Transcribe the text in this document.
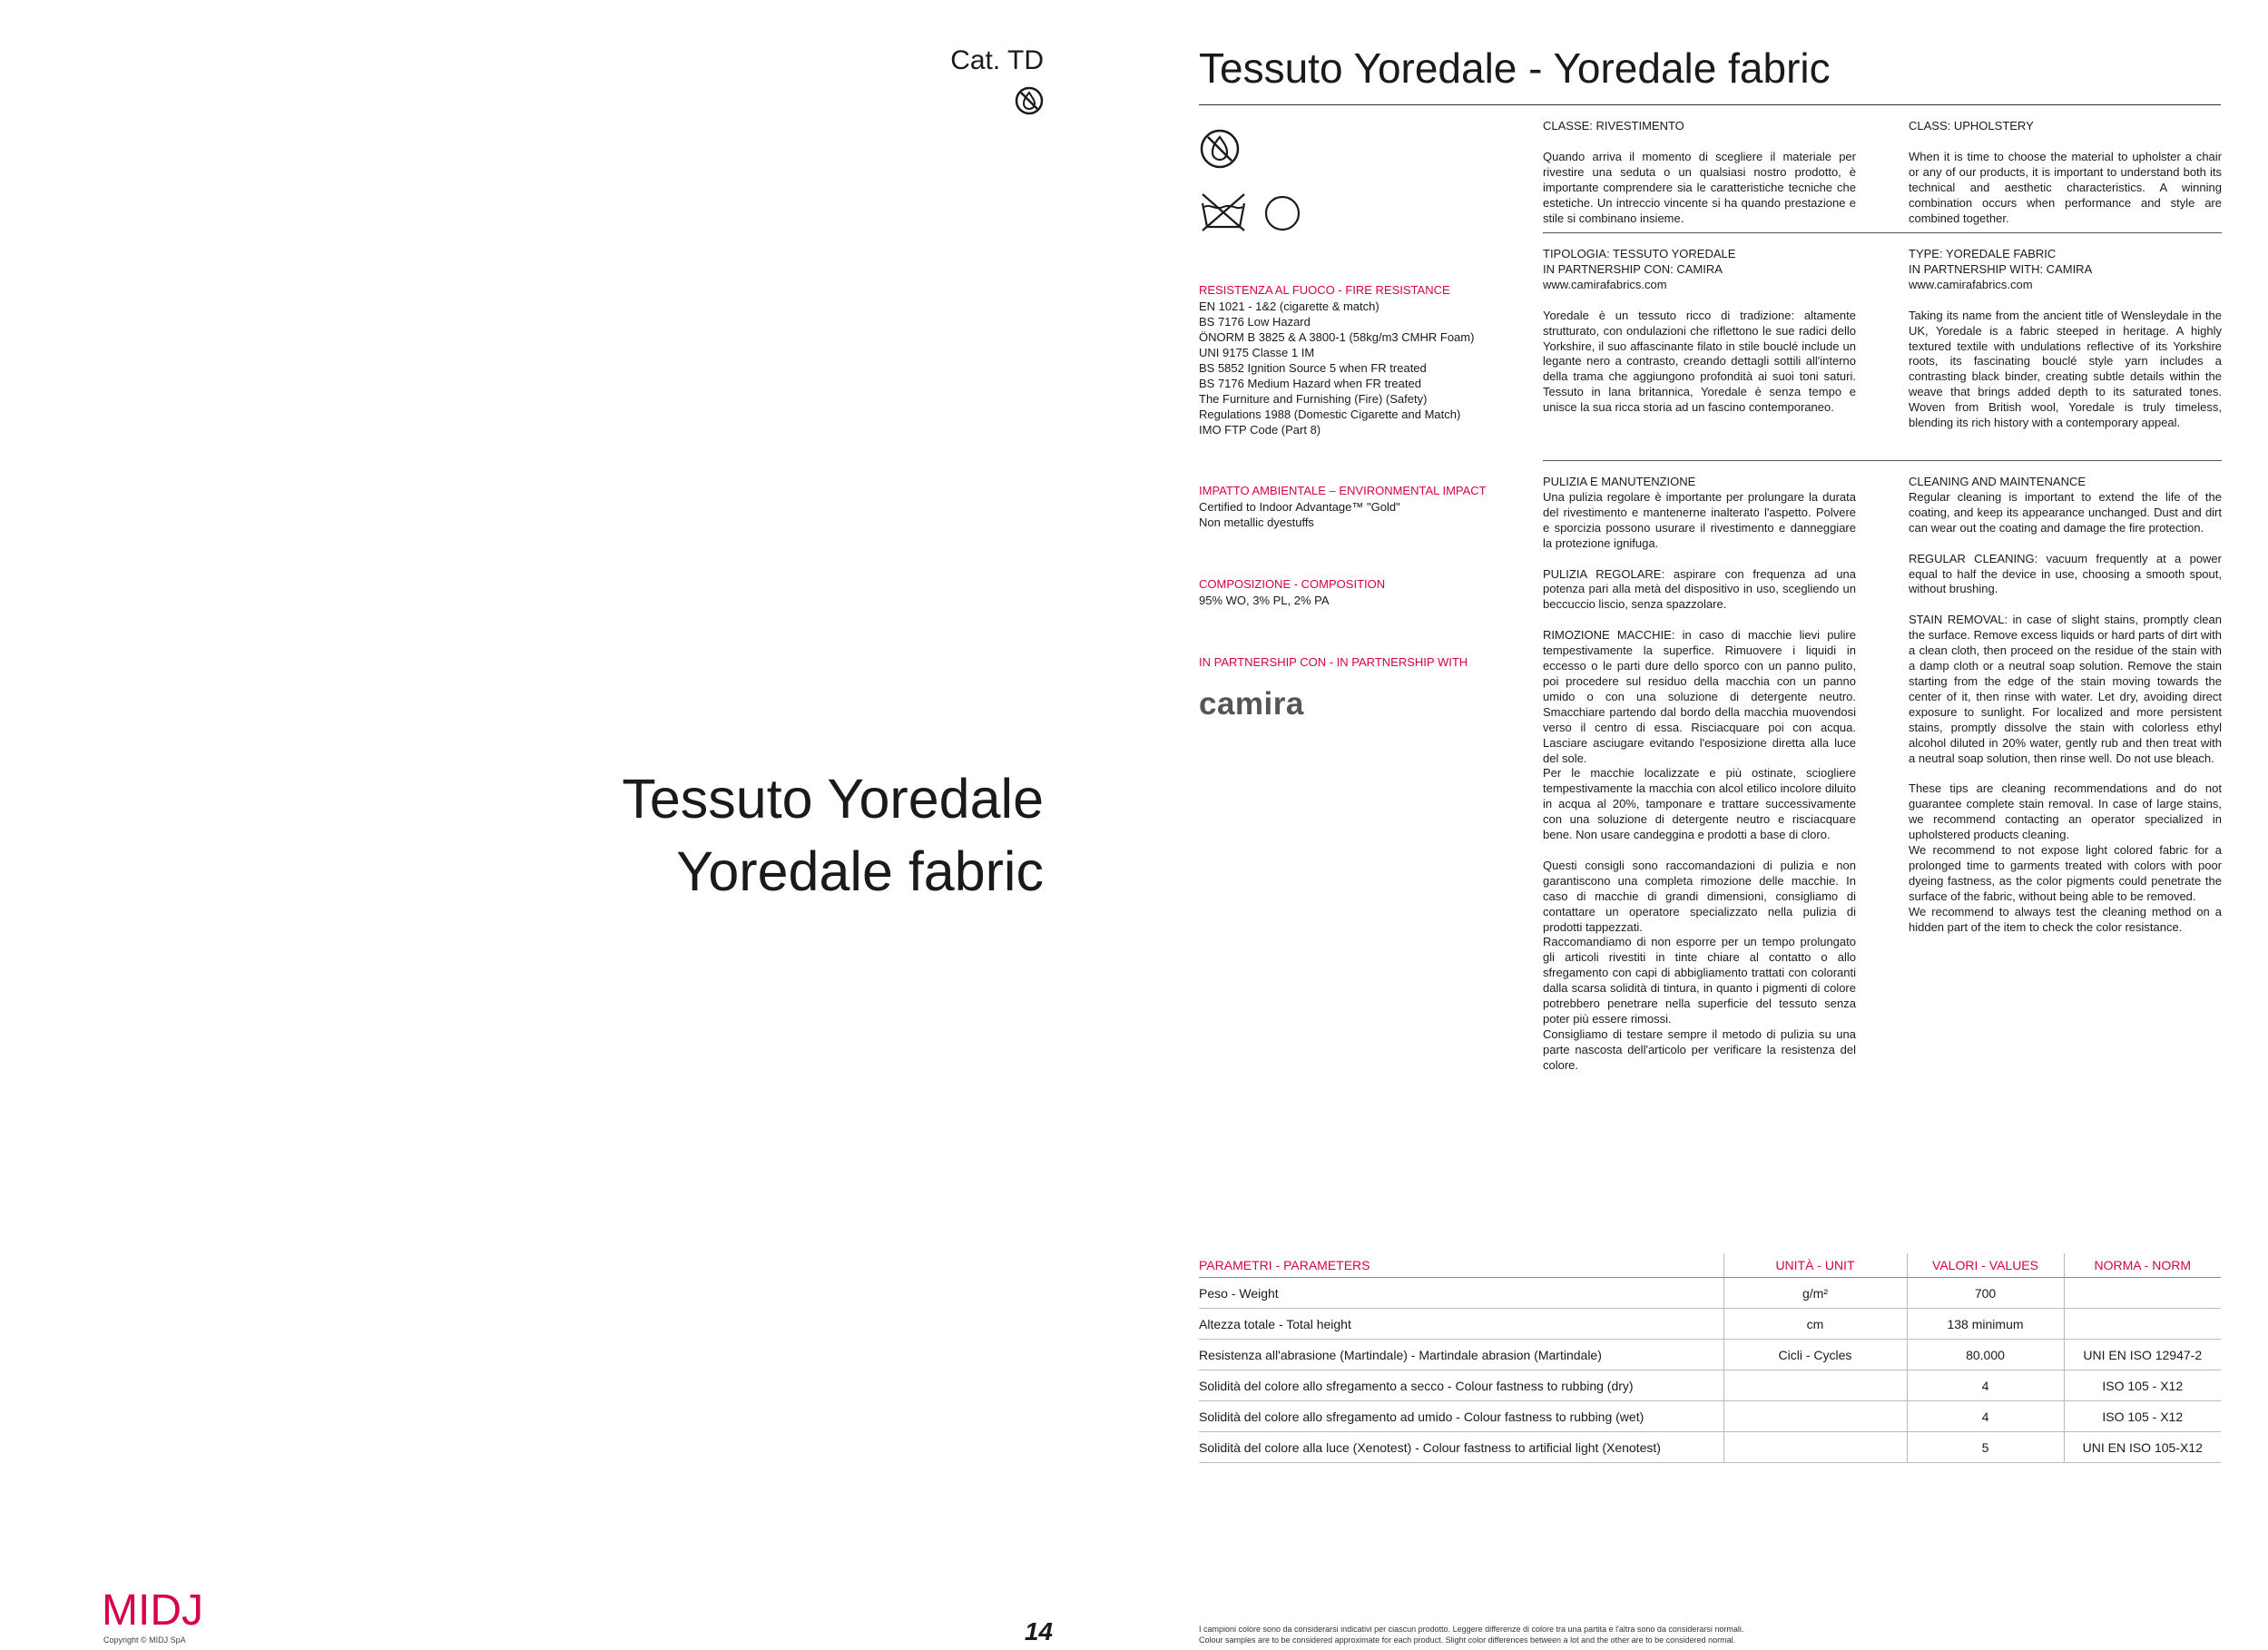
Cat. TD
Tessuto Yoredale
Yoredale fabric
MIDJ
Copyright © MIDJ SpA	14
Tessuto Yoredale - Yoredale fabric
RESISTENZA AL FUOCO - FIRE RESISTANCE
EN 1021 - 1&2 (cigarette & match)
BS 7176 Low Hazard
ÖNORM B 3825 & A 3800-1 (58kg/m3 CMHR Foam)
UNI 9175 Classe 1 IM
BS 5852 Ignition Source 5 when FR treated
BS 7176 Medium Hazard when FR treated
The Furniture and Furnishing (Fire) (Safety)
Regulations 1988 (Domestic Cigarette and Match)
IMO FTP Code (Part 8)
IMPATTO AMBIENTALE – ENVIRONMENTAL IMPACT
Certified to Indoor Advantage™ "Gold"
Non metallic dyestuffs
COMPOSIZIONE - COMPOSITION
95% WO, 3% PL, 2% PA
IN PARTNERSHIP CON - IN PARTNERSHIP WITH
camira

CLASSE: RIVESTIMENTO

Quando arriva il momento di scegliere il materiale per rivestire una seduta o un qualsiasi nostro prodotto, è importante comprendere sia le caratteristiche tecniche che estetiche. Un intreccio vincente si ha quando prestazione e stile si combinano insieme.

CLASS: UPHOLSTERY

When it is time to choose the material to upholster a chair or any of our products, it is important to understand both its technical and aesthetic characteristics. A winning combination occurs when performance and style are combined together.

TIPOLOGIA: TESSUTO YOREDALE

IN PARTNERSHIP CON: CAMIRA

www.camirafabrics.com

Yoredale è un tessuto ricco di tradizione: altamente strutturato, con ondulazioni che riflettono le sue radici dello Yorkshire, il suo affascinante filato in stile bouclé include un legante nero a contrasto, creando dettagli sottili all'interno della trama che aggiungono profondità ai suoi toni saturi. Tessuto in lana britannica, Yoredale è senza tempo e unisce la sua ricca storia ad un fascino contemporaneo.

TYPE: YOREDALE FABRIC

IN PARTNERSHIP WITH: CAMIRA

www.camirafabrics.com

Taking its name from the ancient title of Wensleydale in the UK, Yoredale is a fabric steeped in heritage. A highly textured textile with undulations reflective of its Yorkshire roots, its fascinating bouclé style yarn includes a contrasting black binder, creating subtle details within the weave that brings added depth to its saturated tones. Woven from British wool, Yoredale is truly timeless, blending its rich history with a contemporary appeal.

PULIZIA E MANUTENZIONE

Una pulizia regolare è importante per prolungare la durata del rivestimento e mantenerne inalterato l'aspetto. Polvere e sporcizia possono usurare il rivestimento e danneggiare la protezione ignifuga.

PULIZIA REGOLARE: aspirare con frequenza ad una potenza pari alla metà del dispositivo in uso, scegliendo un beccuccio liscio, senza spazzolare.

RIMOZIONE MACCHIE: in caso di macchie lievi pulire tempestivamente la superfice. Rimuovere i liquidi in eccesso o le parti dure dello sporco con un panno pulito, poi procedere sul residuo della macchia con un panno umido o con una soluzione di detergente neutro. Smacchiare partendo dal bordo della macchia muovendosi verso il centro di essa. Risciacquare poi con acqua. Lasciare asciugare evitando l'esposizione diretta alla luce del sole.

Per le macchie localizzate e più ostinate, sciogliere tempestivamente la macchia con alcol etilico incolore diluito in acqua al 20%, tamponare e trattare successivamente con una soluzione di detergente neutro e risciacquare bene. Non usare candeggina e prodotti a base di cloro.

Questi consigli sono raccomandazioni di pulizia e non garantiscono una completa rimozione delle macchie. In caso di macchie di grandi dimensioni, consigliamo di contattare un operatore specializzato nella pulizia di prodotti tappezzati.

Raccomandiamo di non esporre per un tempo prolungato gli articoli rivestiti in tinte chiare al contatto o allo sfregamento con capi di abbigliamento trattati con coloranti dalla scarsa solidità di tintura, in quanto i pigmenti di colore potrebbero penetrare nella superficie del tessuto senza poter più essere rimossi.

Consigliamo di testare sempre il metodo di pulizia su una parte nascosta dell'articolo per verificare la resistenza del colore.

CLEANING AND MAINTENANCE

Regular cleaning is important to extend the life of the coating, and keep its appearance unchanged. Dust and dirt can wear out the coating and damage the fire protection.

REGULAR CLEANING: vacuum frequently at a power equal to half the device in use, choosing a smooth spout, without brushing.

STAIN REMOVAL: in case of slight stains, promptly clean the surface. Remove excess liquids or hard parts of dirt with a clean cloth, then proceed on the residue of the stain with a damp cloth or a neutral soap solution. Remove the stain starting from the edge of the stain moving towards the center of it, then rinse with water. Let dry, avoiding direct exposure to sunlight. For localized and more persistent stains, promptly dissolve the stain with colorless ethyl alcohol diluted in 20% water, gently rub and then treat with a neutral soap solution, then rinse well. Do not use bleach.

These tips are cleaning recommendations and do not guarantee complete stain removal. In case of large stains, we recommend contacting an operator specialized in upholstered products cleaning.

We recommend to not expose light colored fabric for a prolonged time to garments treated with colors with poor dyeing fastness, as the color pigments could penetrate the surface of the fabric, without being able to be removed.

We recommend to always test the cleaning method on a hidden part of the item to check the color resistance.

PARAMETRI - PARAMETERS	UNITÀ - UNIT	VALORI - VALUES	NORMA - NORM
Peso - Weight	g/m²	700	
Altezza totale - Total height	cm	138 minimum	
Resistenza all'abrasione (Martindale) - Martindale abrasion (Martindale)	Cicli - Cycles	80.000	UNI EN ISO 12947-2
Solidità del colore allo sfregamento a secco - Colour fastness to rubbing (dry)		4	ISO 105 - X12
Solidità del colore allo sfregamento ad umido - Colour fastness to rubbing (wet)		4	ISO 105 - X12
Solidità del colore alla luce (Xenotest) - Colour fastness to artificial light (Xenotest)		5	UNI EN ISO 105-X12
I campioni colore sono da considerarsi indicativi per ciascun prodotto. Leggere differenze di colore tra una partita e l'altra sono da considerarsi normali.
Colour samples are to be considered approximate for each product. Slight color differences between a lot and the other are to be considered normal.
